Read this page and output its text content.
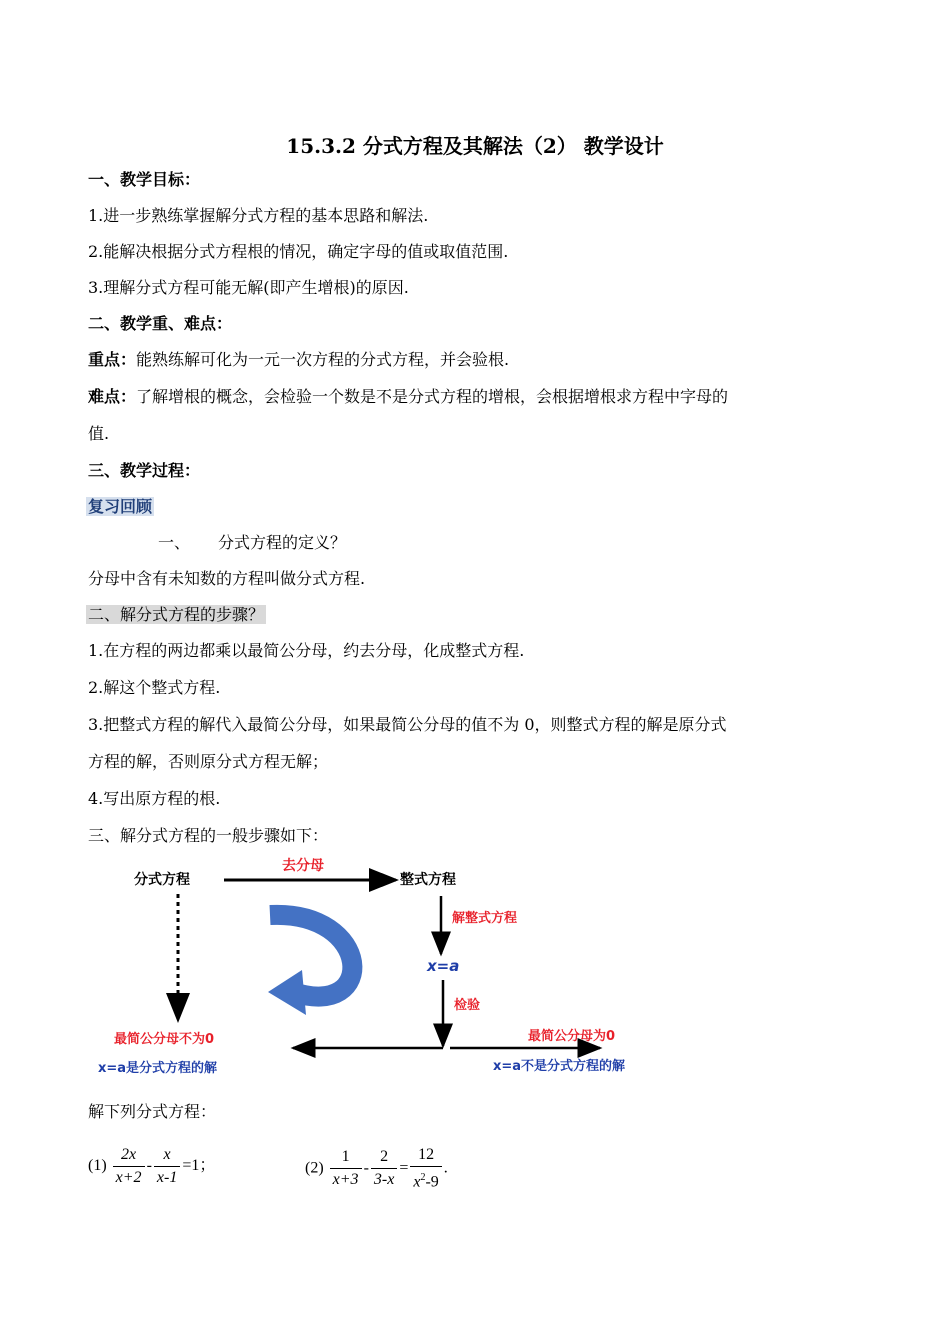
15.3.2 分式方程及其解法（2） 教学设计
一、教学目标：
1.进一步熟练掌握解分式方程的基本思路和解法.
2.能解决根据分式方程根的情况，确定字母的值或取值范围.
3.理解分式方程可能无解(即产生增根)的原因.
二、教学重、难点：
重点：能熟练解可化为一元一次方程的分式方程，并会验根.
难点：了解增根的概念，会检验一个数是不是分式方程的增根，会根据增根求方程中字母的
值.
三、教学过程：
复习回顾
一、 分式方程的定义？
分母中含有未知数的方程叫做分式方程.
二、解分式方程的步骤？
1.在方程的两边都乘以最简公分母，约去分母，化成整式方程.
2.解这个整式方程.
3.把整式方程的解代入最简公分母，如果最简公分母的值不为 0，则整式方程的解是原分式
方程的解，否则原分式方程无解；
4.写出原方程的根.
三、解分式方程的一般步骤如下：
分式方程
去分母
整式方程
解整式方程
x=a
检验
最简公分母不为0
x=a是分式方程的解
最简公分母为0
x=a不是分式方程的解
解下列分式方程：
$(1) \frac{2x}{x+2} - \frac{x}{x-1} =1$；	$(2) \frac{1}{x+3} - \frac{2}{3-x} = \frac{12}{x^2-9}$ .
